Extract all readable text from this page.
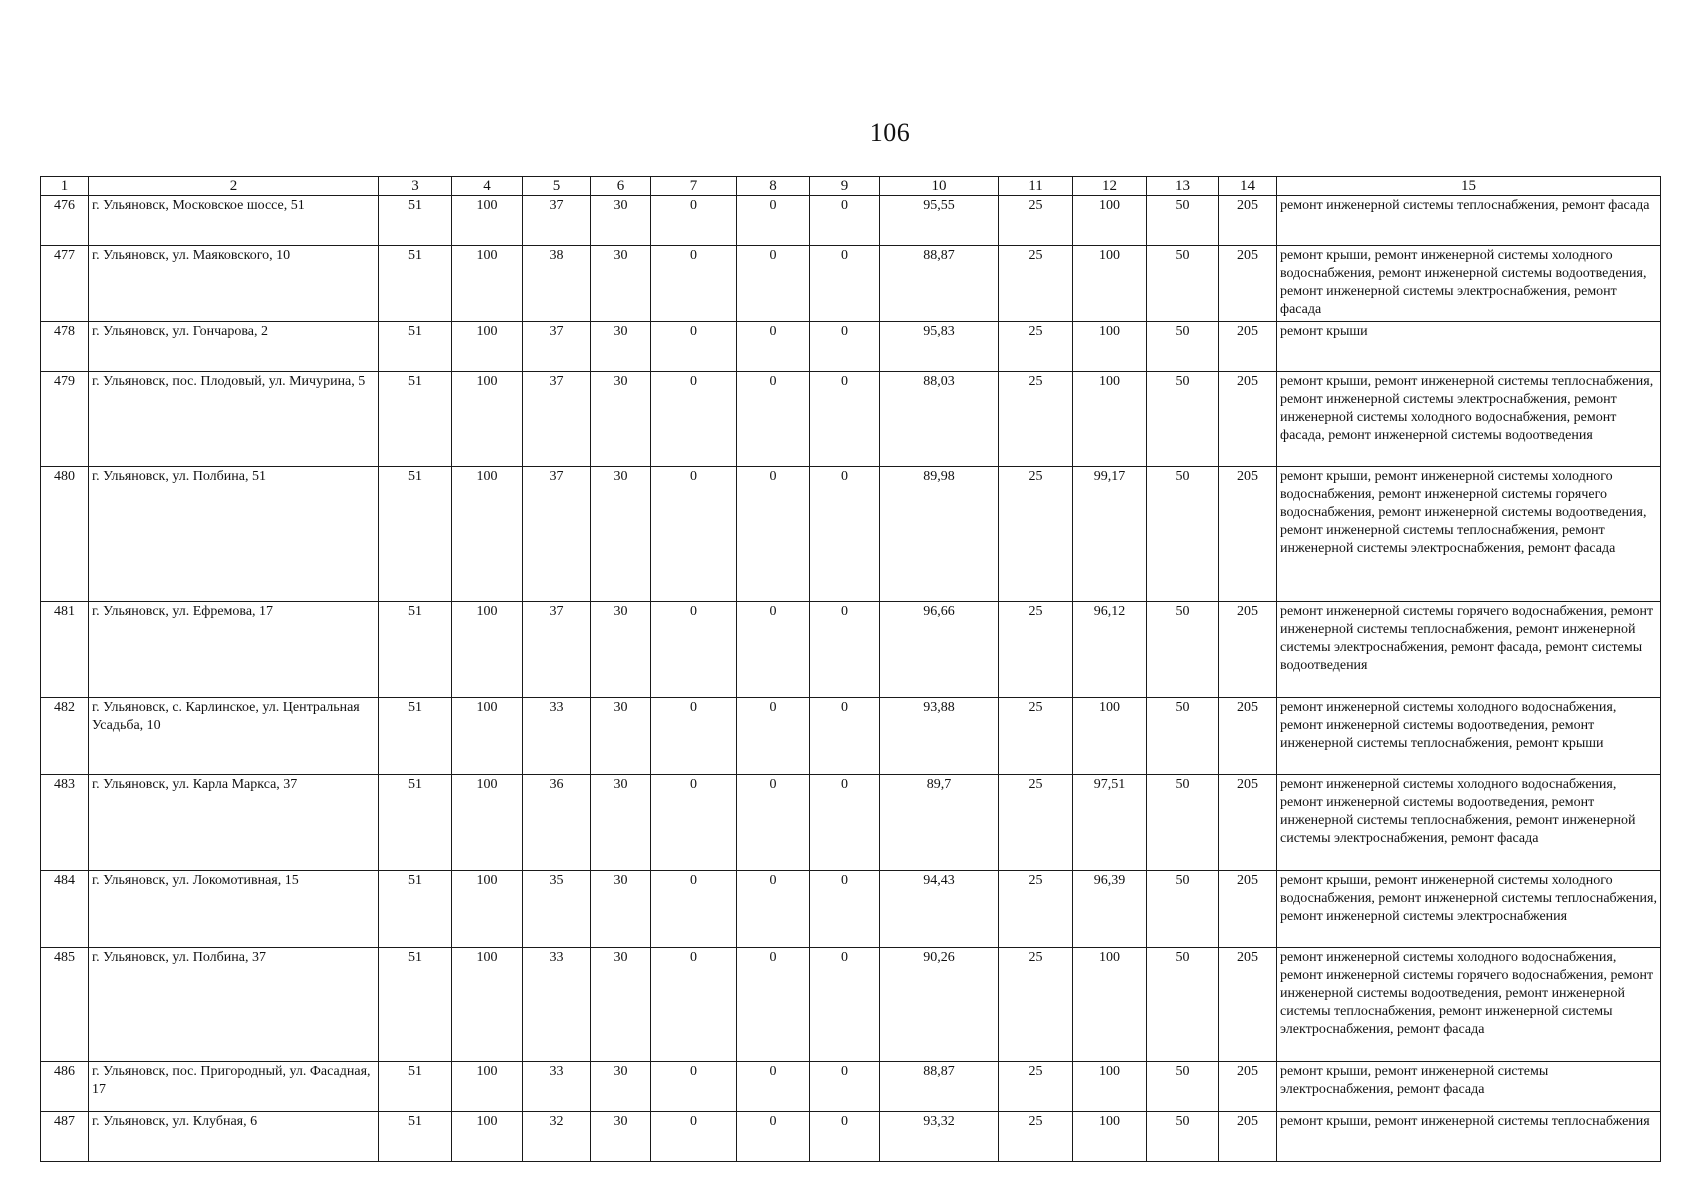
106
1	2	3	4	5	6	7	8	9	10	11	12	13	14	15
476	г. Ульяновск, Московское шоссе, 51	51	100	37	30	0	0	0	95,55	25	100	50	205	ремонт инженерной системы теплоснабжения, ремонт фасада
477	г. Ульяновск, ул. Маяковского, 10	51	100	38	30	0	0	0	88,87	25	100	50	205	ремонт крыши, ремонт инженерной системы холодного водоснабжения, ремонт инженерной системы водоотведения, ремонт инженерной системы электроснабжения, ремонт фасада
478	г. Ульяновск, ул. Гончарова, 2	51	100	37	30	0	0	0	95,83	25	100	50	205	ремонт крыши
479	г. Ульяновск, пос. Плодовый, ул. Мичурина, 5	51	100	37	30	0	0	0	88,03	25	100	50	205	ремонт крыши, ремонт инженерной системы теплоснабжения, ремонт инженерной системы электроснабжения, ремонт инженерной системы холодного водоснабжения, ремонт фасада, ремонт инженерной системы водоотведения
480	г. Ульяновск, ул. Полбина, 51	51	100	37	30	0	0	0	89,98	25	99,17	50	205	ремонт крыши, ремонт инженерной системы холодного водоснабжения, ремонт инженерной системы горячего водоснабжения, ремонт инженерной системы водоотведения, ремонт инженерной системы теплоснабжения, ремонт инженерной системы электроснабжения, ремонт фасада
481	г. Ульяновск, ул. Ефремова, 17	51	100	37	30	0	0	0	96,66	25	96,12	50	205	ремонт инженерной системы горячего водоснабжения, ремонт инженерной системы теплоснабжения, ремонт инженерной системы электроснабжения, ремонт фасада, ремонт системы водоотведения
482	г. Ульяновск, с. Карлинское, ул. Центральная Усадьба, 10	51	100	33	30	0	0	0	93,88	25	100	50	205	ремонт инженерной системы холодного водоснабжения, ремонт инженерной системы водоотведения, ремонт инженерной системы теплоснабжения, ремонт крыши
483	г. Ульяновск, ул. Карла Маркса, 37	51	100	36	30	0	0	0	89,7	25	97,51	50	205	ремонт инженерной системы холодного водоснабжения, ремонт инженерной системы водоотведения, ремонт инженерной системы теплоснабжения, ремонт инженерной системы электроснабжения, ремонт фасада
484	г. Ульяновск, ул. Локомотивная, 15	51	100	35	30	0	0	0	94,43	25	96,39	50	205	ремонт крыши, ремонт инженерной системы холодного водоснабжения, ремонт инженерной системы теплоснабжения, ремонт инженерной системы электроснабжения
485	г. Ульяновск, ул. Полбина, 37	51	100	33	30	0	0	0	90,26	25	100	50	205	ремонт инженерной системы холодного водоснабжения, ремонт инженерной системы горячего водоснабжения, ремонт инженерной системы водоотведения, ремонт инженерной системы теплоснабжения, ремонт инженерной системы электроснабжения, ремонт фасада
486	г. Ульяновск, пос. Пригородный, ул. Фасадная, 17	51	100	33	30	0	0	0	88,87	25	100	50	205	ремонт крыши, ремонт инженерной системы электроснабжения, ремонт фасада
487	г. Ульяновск, ул. Клубная, 6	51	100	32	30	0	0	0	93,32	25	100	50	205	ремонт крыши, ремонт инженерной системы теплоснабжения
